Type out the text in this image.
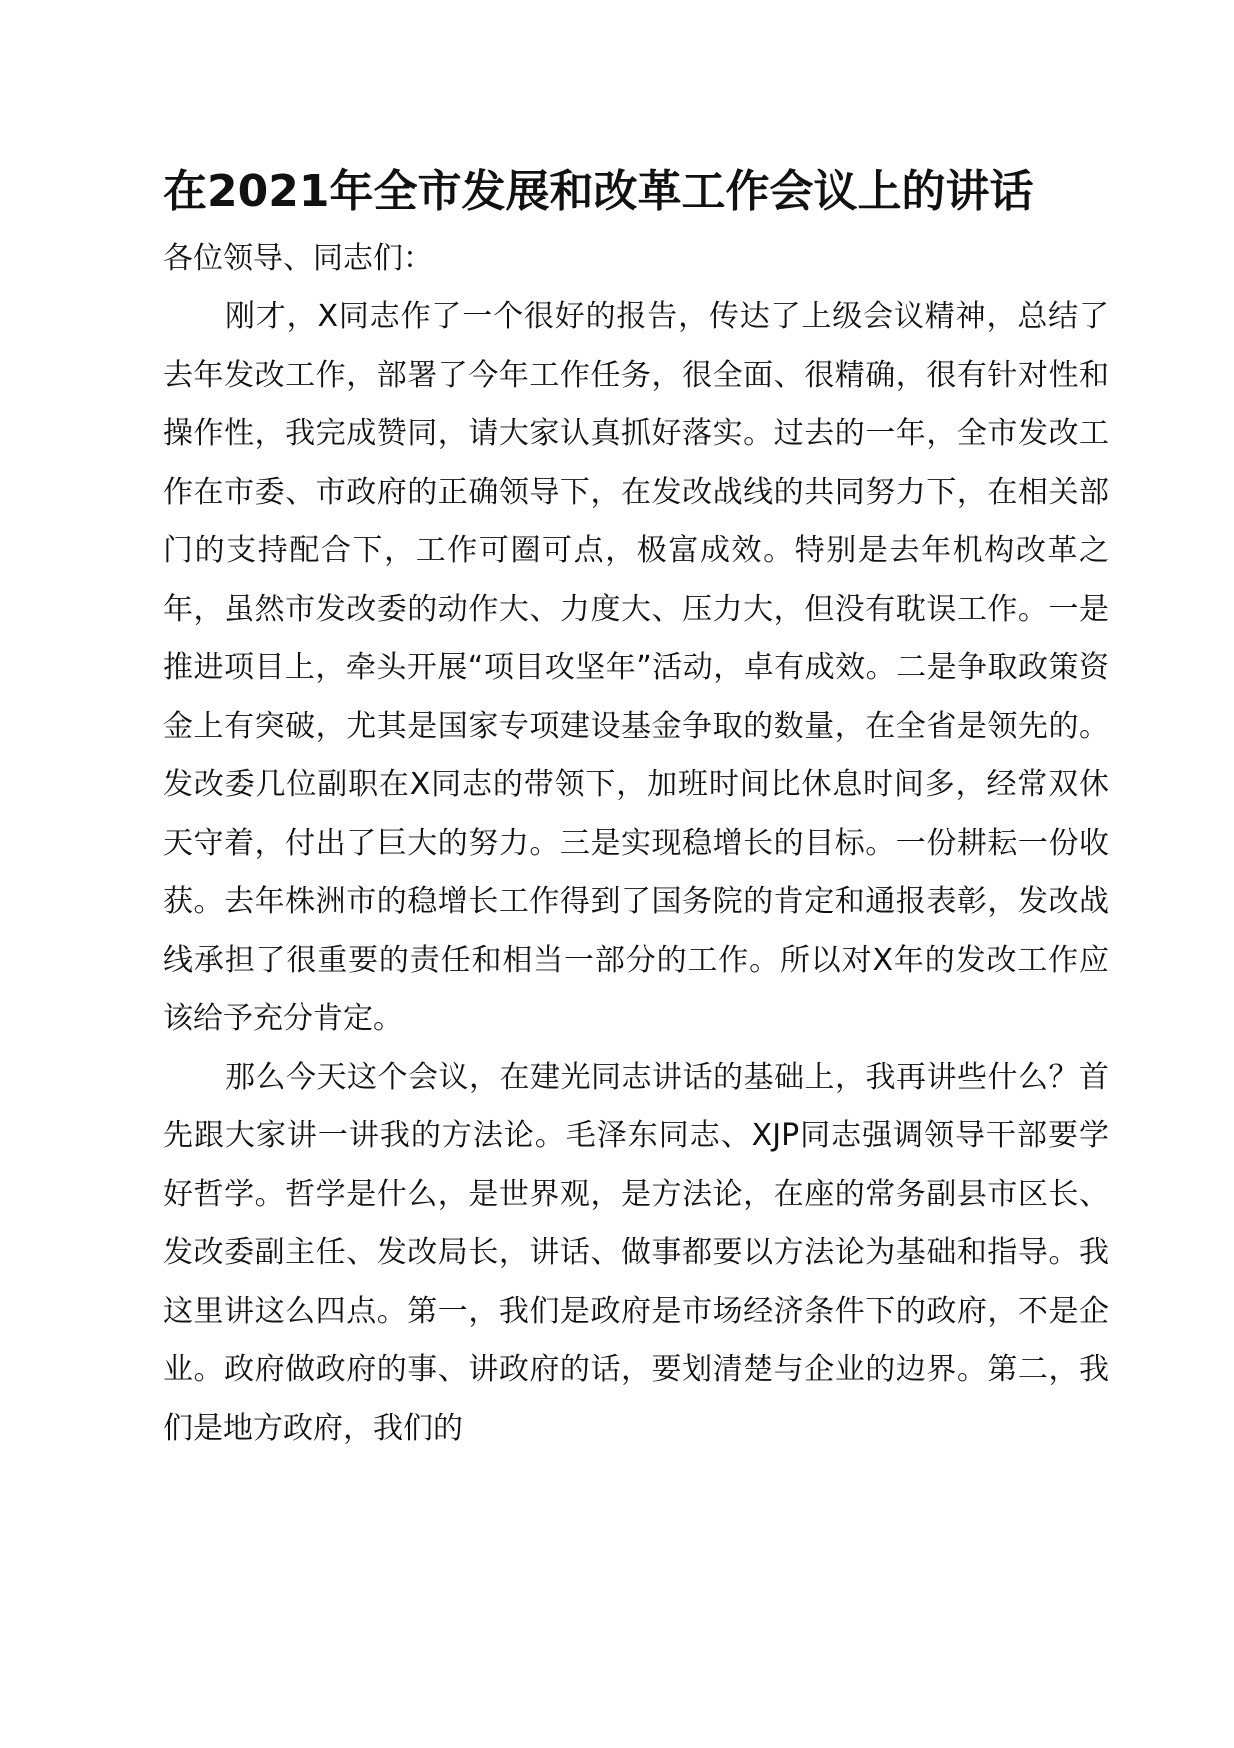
在2021年全市发展和改革工作会议上的讲话

各位领导、同志们：

刚才，X同志作了一个很好的报告，传达了上级会议精神，总结了去年发改工作，部署了今年工作任务，很全面、很精确，很有针对性和操作性，我完成赞同，请大家认真抓好落实。过去的一年，全市发改工作在市委、市政府的正确领导下，在发改战线的共同努力下，在相关部门的支持配合下，工作可圈可点，极富成效。特别是去年机构改革之年，虽然市发改委的动作大、力度大、压力大，但没有耽误工作。一是推进项目上，牵头开展“项目攻坚年”活动，卓有成效。二是争取政策资金上有突破，尤其是国家专项建设基金争取的数量，在全省是领先的。发改委几位副职在X同志的带领下，加班时间比休息时间多，经常双休天守着，付出了巨大的努力。三是实现稳增长的目标。一份耕耘一份收获。去年株洲市的稳增长工作得到了国务院的肯定和通报表彰，发改战线承担了很重要的责任和相当一部分的工作。所以对X年的发改工作应该给予充分肯定。

那么今天这个会议，在建光同志讲话的基础上，我再讲些什么？首先跟大家讲一讲我的方法论。毛泽东同志、XJP同志强调领导干部要学好哲学。哲学是什么，是世界观，是方法论，在座的常务副县市区长、发改委副主任、发改局长，讲话、做事都要以方法论为基础和指导。我这里讲这么四点。第一，我们是政府是市场经济条件下的政府，不是企业。政府做政府的事、讲政府的话，要划清楚与企业的边界。第二，我们是地方政府，我们的
